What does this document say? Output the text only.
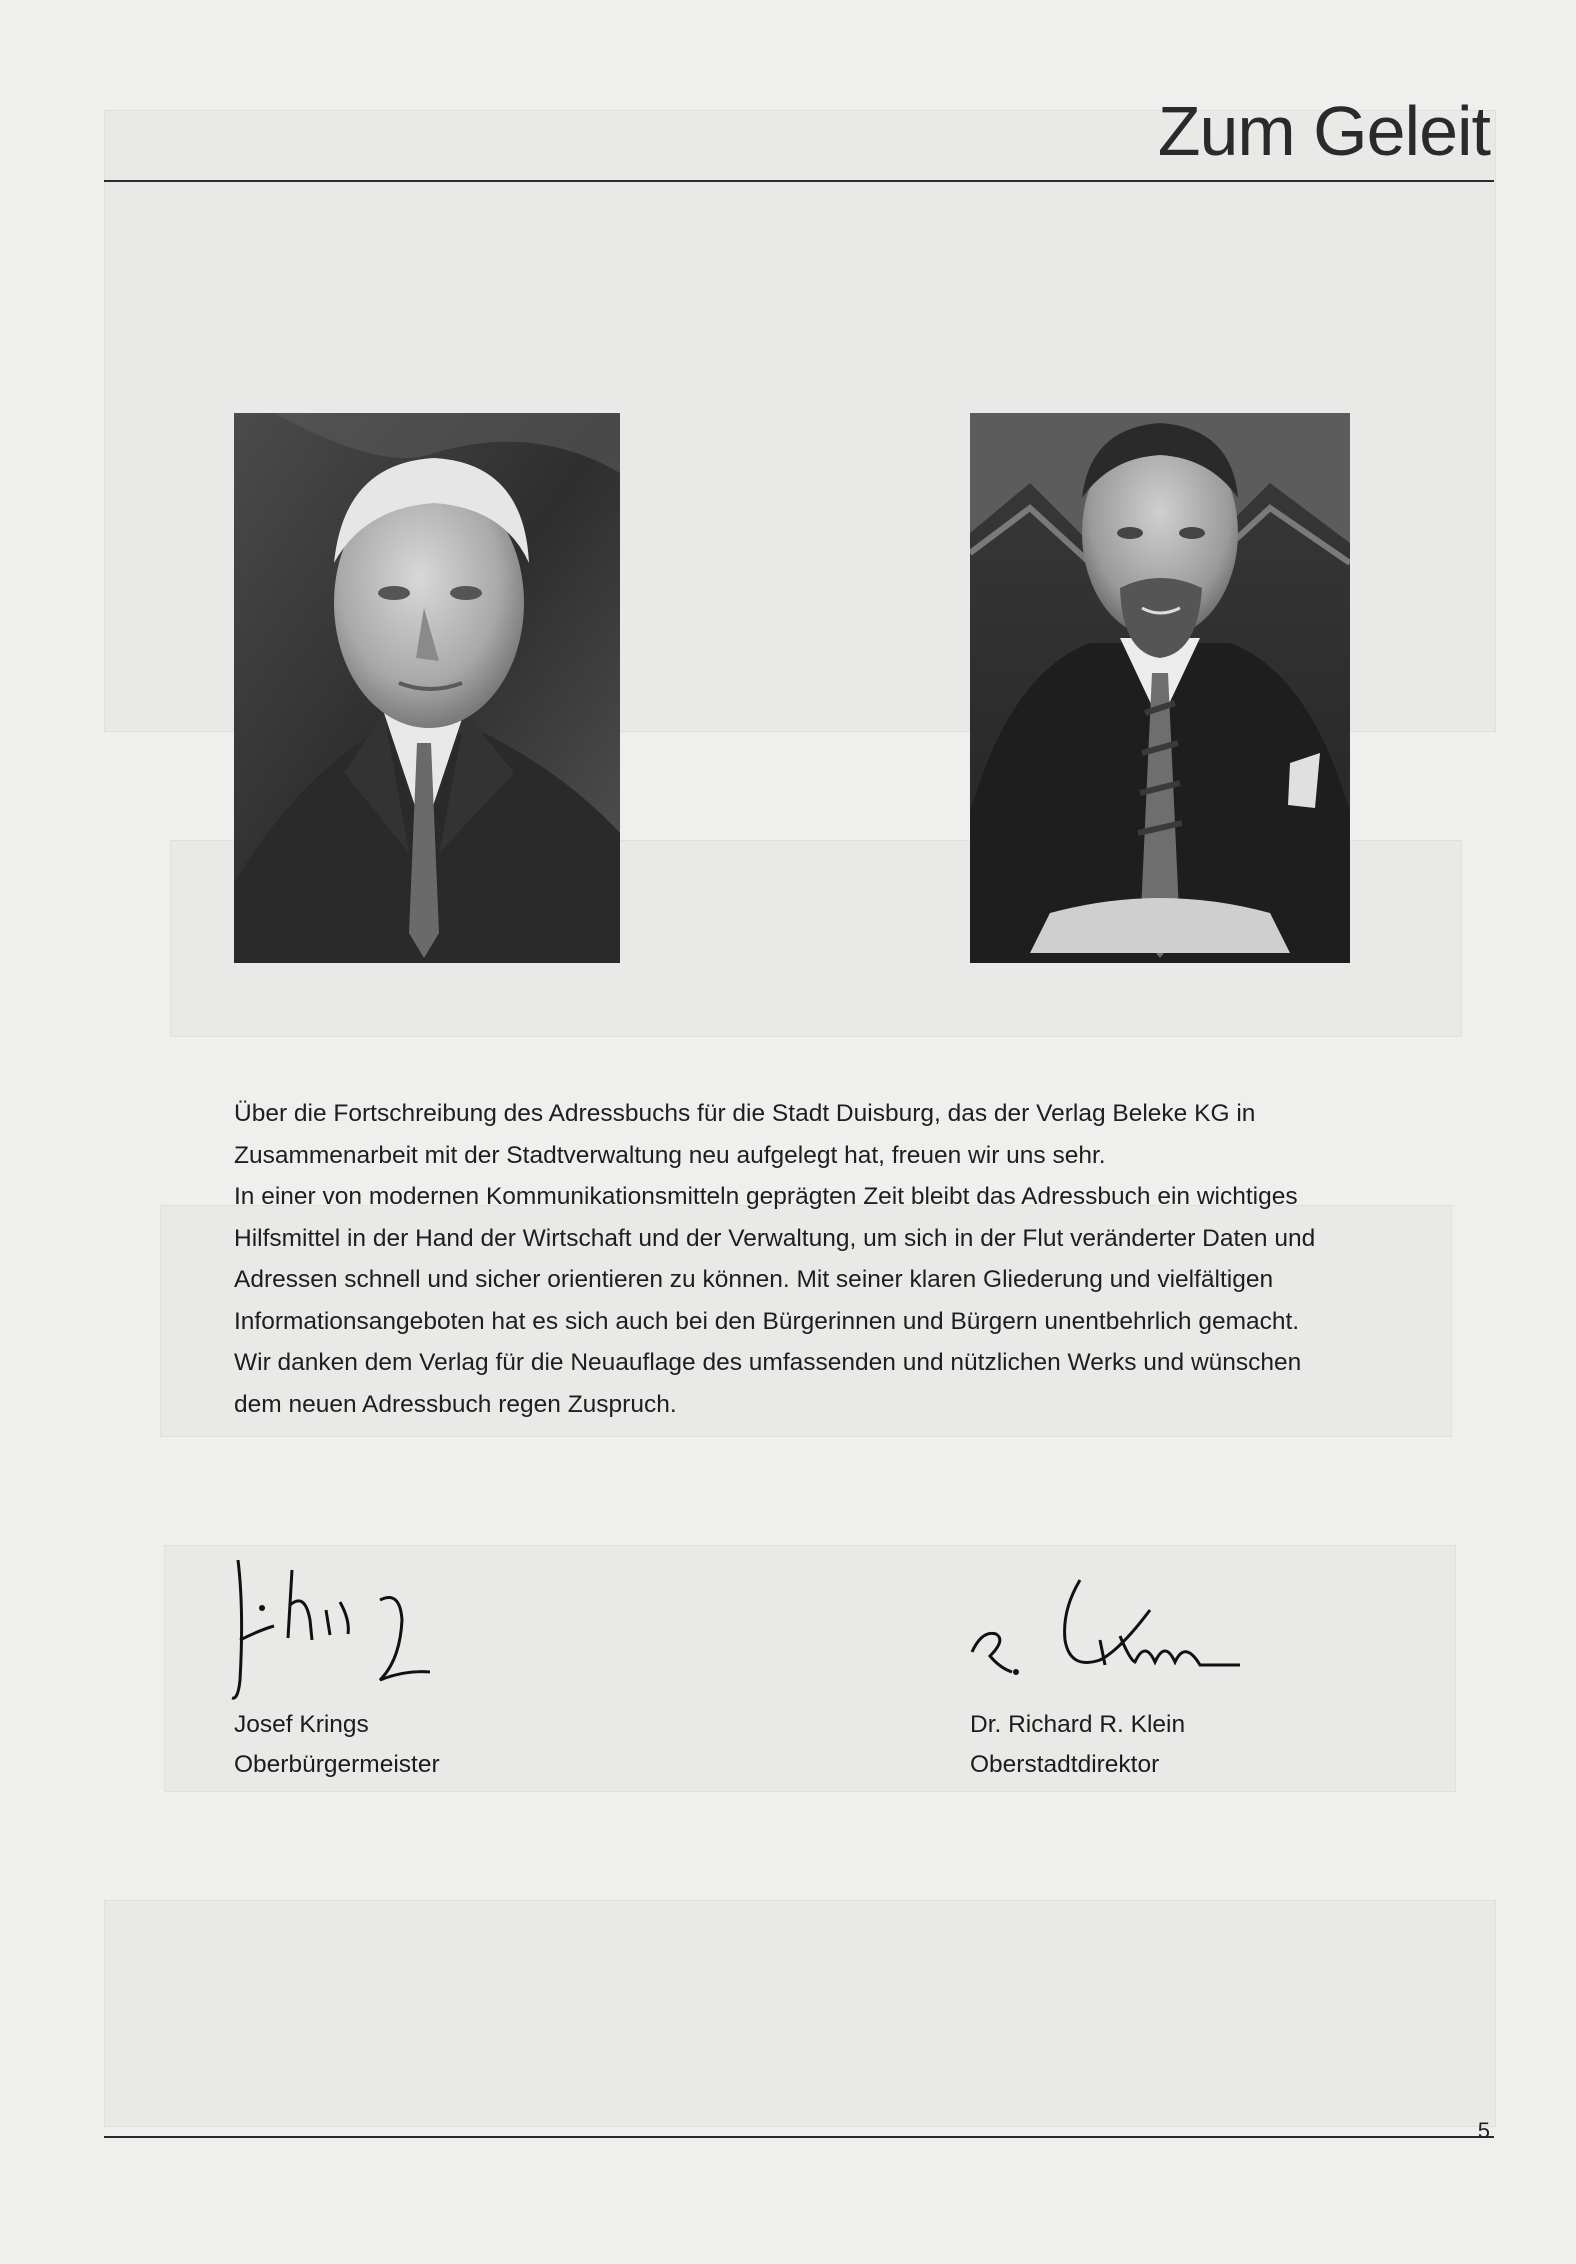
Zum Geleit

Über die Fortschreibung des Adressbuchs für die Stadt Duisburg, das der Verlag Beleke KG in Zusammenarbeit mit der Stadtverwaltung neu aufgelegt hat, freuen wir uns sehr.

In einer von modernen Kommunikationsmitteln geprägten Zeit bleibt das Adressbuch ein wichtiges Hilfsmittel in der Hand der Wirtschaft und der Verwaltung, um sich in der Flut veränderter Daten und Adressen schnell und sicher orientieren zu können. Mit seiner klaren Gliederung und vielfältigen Informationsangeboten hat es sich auch bei den Bürgerinnen und Bürgern unentbehrlich gemacht.

Wir danken dem Verlag für die Neuauflage des umfassenden und nützlichen Werks und wünschen dem neuen Adressbuch regen Zuspruch.

Josef Krings
Oberbürgermeister
Dr. Richard R. Klein
Oberstadtdirektor
5
